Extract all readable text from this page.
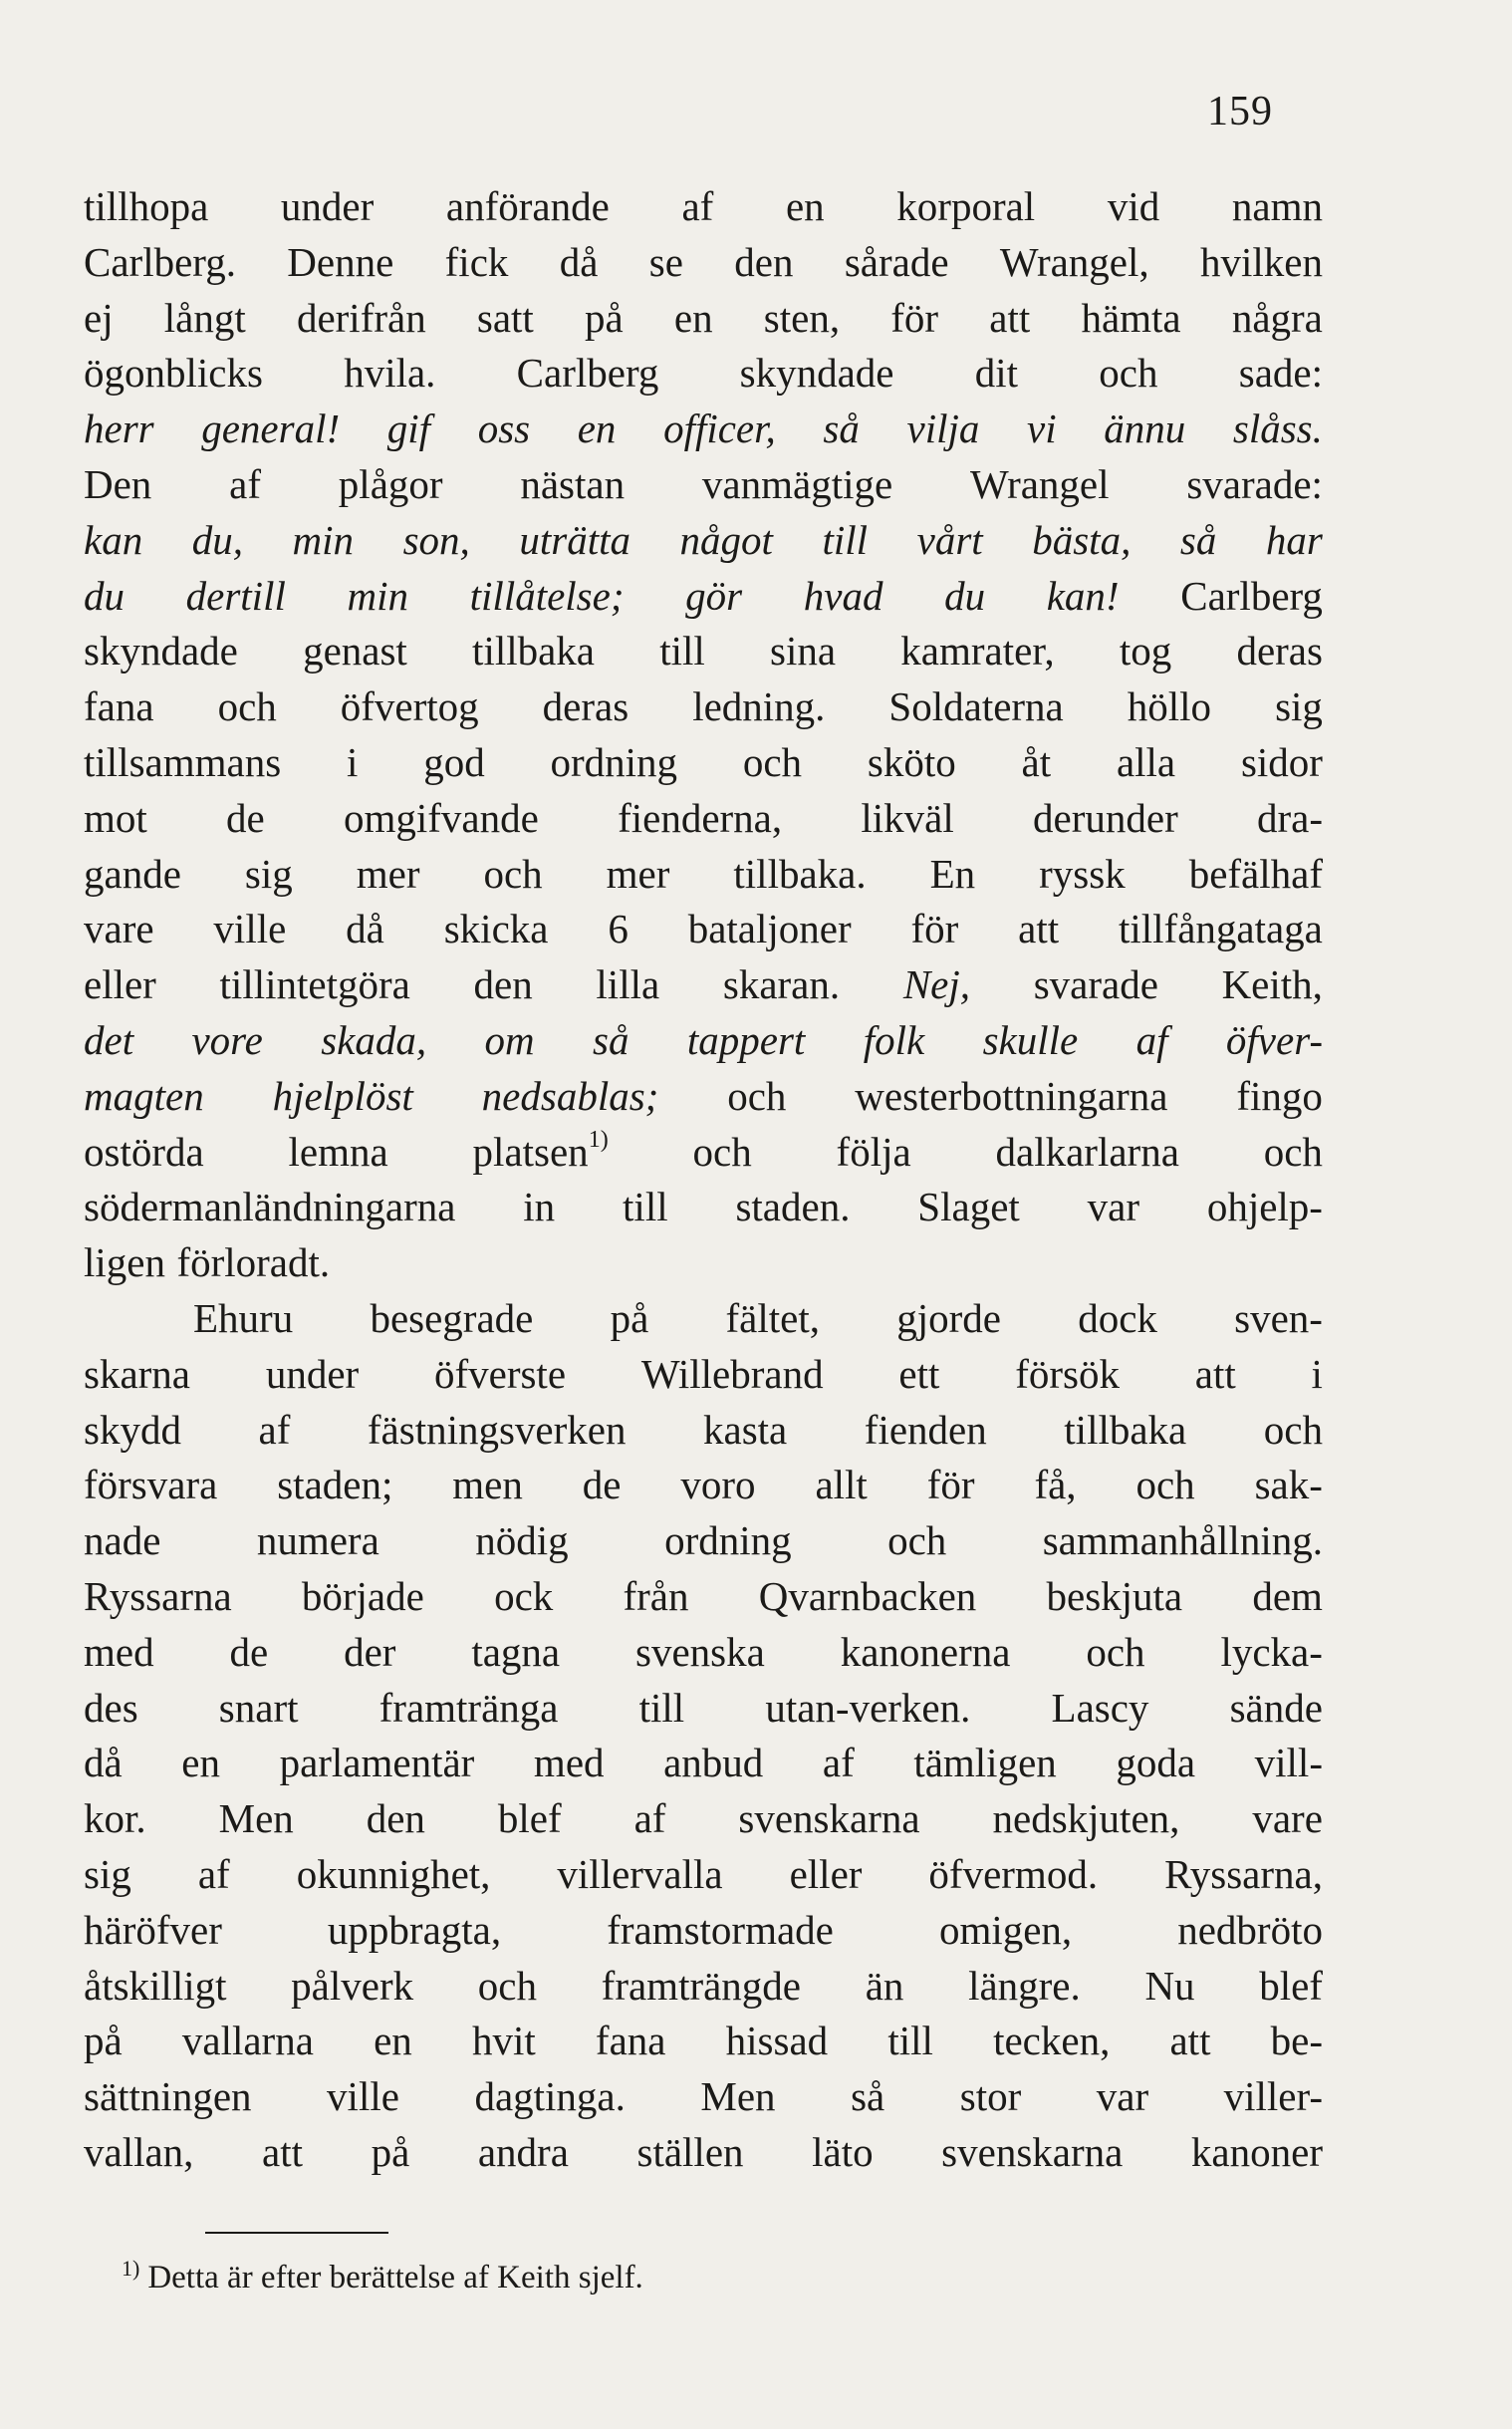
159
tillhopa under anförande af en korporal vid namn
Carlberg. Denne fick då se den sårade Wrangel, hvilken
ej långt derifrån satt på en sten, för att hämta några
ögonblicks hvila. Carlberg skyndade dit och sade:
herr general! gif oss en officer, så vilja vi ännu slåss.
Den af plågor nästan vanmägtige Wrangel svarade:
kan du, min son, uträtta något till vårt bästa, så har
du dertill min tillåtelse; gör hvad du kan! Carlberg
skyndade genast tillbaka till sina kamrater, tog deras
fana och öfvertog deras ledning. Soldaterna höllo sig
tillsammans i god ordning och sköto åt alla sidor
mot de omgifvande fienderna, likväl derunder dra-
gande sig mer och mer tillbaka. En ryssk befälhaf
vare ville då skicka 6 bataljoner för att tillfångataga
eller tillintetgöra den lilla skaran. Nej, svarade Keith,
det vore skada, om så tappert folk skulle af öfver-
magten hjelplöst nedsablas; och westerbottningarna fingo
ostörda lemna platsen$^{1)}$ och följa dalkarlarna och
södermanländningarna in till staden. Slaget var ohjelp-
ligen förloradt.
Ehuru besegrade på fältet, gjorde dock sven-
skarna under öfverste Willebrand ett försök att i
skydd af fästningsverken kasta fienden tillbaka och
försvara staden; men de voro allt för få, och sak-
nade numera nödig ordning och sammanhållning.
Ryssarna började ock från Qvarnbacken beskjuta dem
med de der tagna svenska kanonerna och lycka-
des snart framtränga till utan-verken. Lascy sände
då en parlamentär med anbud af tämligen goda vill-
kor. Men den blef af svenskarna nedskjuten, vare
sig af okunnighet, villervalla eller öfvermod. Ryssarna,
häröfver	uppbragta,	framstormade	omigen,	nedbröto
åtskilligt pålverk och framträngde än längre. Nu blef
på vallarna en hvit fana hissad till tecken, att be-
sättningen ville dagtinga. Men så stor var viller-
vallan, att på andra ställen läto svenskarna kanoner
$^{1)}$ Detta är efter berättelse af Keith sjelf.
